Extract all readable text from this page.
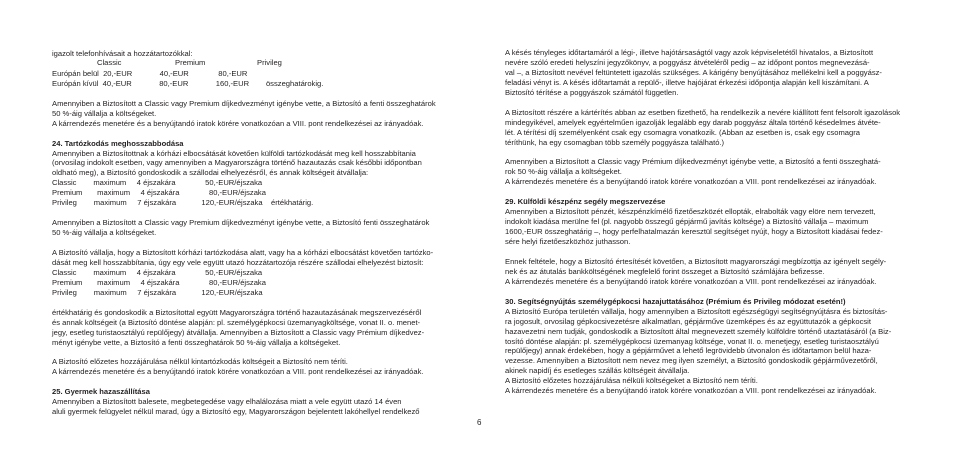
igazolt telefonhívásait a hozzátartozókkal:
Európán belül  20,-EUR             40,-EUR              80,-EUR
Európán kívül  40,-EUR             80,-EUR             160,-EUR        összeghatárokig.
Amennyiben a Biztosított a Classic vagy Premium díjkedvezményt igénybe vette, a Biztosító a fenti összeghatárok
50 %-áig vállalja a költségeket.
A kárrendezés menetére és a benyújtandó iratok körére vonatkozóan a VIII. pont rendelkezései az irányadóak.
24. Tartózkodás meghosszabbodása
Amennyiben a Biztosítottnak a kórházi elbocsátását követően külföldi tartózkodását meg kell hosszabbítania
(orvosilag indokolt esetben, vagy amennyiben a Magyarországra történő hazautazás csak későbbi időpontban
oldható meg), a Biztosító gondoskodik a szállodai elhelyezésről, és annak költségeit átvállalja:
Classic        maximum     4 éjszakára              50,-EUR/éjszaka
Premium       maximum     4 éjszakára              80,-EUR/éjszaka
Privileg        maximum     7 éjszakára            120,-EUR/éjszaka    értékhatárig.
Amennyiben a Biztosított a Classic vagy Premium díjkedvezményt igénybe vette, a Biztosító fenti összeghatárok
50 %-áig vállalja a költségeket.
A Biztosító vállalja, hogy a Biztosított kórházi tartózkodása alatt, vagy ha a kórházi elbocsátást követően tartózko-
dását meg kell hosszabbítania, úgy egy vele együtt utazó hozzátartozója részére szállodai elhelyezést biztosít:
Classic        maximum     4 éjszakára              50,-EUR/éjszaka
Premium       maximum     4 éjszakára              80,-EUR/éjszaka
Privileg        maximum     7 éjszakára            120,-EUR/éjszaka
értékhatárig és gondoskodik a Biztosítottal együtt Magyarországra történő hazautazásának megszervezéséről
és annak költségeit (a Biztosító döntése alapján: pl. személygépkocsi üzemanyagköltsége, vonat II. o. menet-
jegy, esetleg turistaosztályú repülőjegy) átvállalja. Amennyiben a Biztosított a Classic vagy Prémium díjkedvez-
ményt igénybe vette, a Biztosító a fenti összeghatárok 50 %-áig vállalja a költségeket.
A Biztosító előzetes hozzájárulása nélkül kintartózkodás költségeit a Biztosító nem téríti.
A kárrendezés menetére és a benyújtandó iratok körére vonatkozóan a VIII. pont rendelkezései az irányadóak.
25. Gyermek hazaszállítása
Amennyiben a Biztosított balesete, megbetegedése vagy elhalálozása miatt a vele együtt utazó 14 éven
aluli gyermek felügyelet nélkül marad, úgy a Biztosító egy, Magyarországon bejelentett lakóhellyel rendelkező
A késés tényleges időtartamáról a légi-, illetve hajótársaságtól vagy azok képviseletétől hivatalos, a Biztosított
nevére szóló eredeti helyszíni jegyzőkönyv, a poggyász átvételéről pedig – az időpont pontos megnevezásá-
val –, a Biztosított nevével feltüntetett igazolás szükséges. A kárigény benyújtásához mellékelni kell a poggyász-
feladási vényt is. A késés időtartamát a repülő-, illetve hajójárat érkezési időpontja alapján kell kiszámítani. A
Biztosító térítése a poggyászok számától független.
A Biztosított részére a kártérítés abban az esetben fizethető, ha rendelkezik a nevére kiállított fent felsorolt igazolások
mindegyikével, amelyek egyértelműen igazolják legalább egy darab poggyász általa történő késedelmes átvéte-
lét. A térítési díj személyenként csak egy csomagra vonatkozik. (Abban az esetben is, csak egy csomagra
téríthünk, ha egy csomagban több személy poggyásza található.)
Amennyiben a Biztosított a Classic vagy Prémium díjkedvezményt igénybe vette, a Biztosító a fenti összeghatá-
rok 50 %-áig vállalja a költségeket.
A kárrendezés menetére és a benyújtandó iratok körére vonatkozóan a VIII. pont rendelkezései az irányadóak.
29. Külföldi készpénz segély megszervezése
Amennyiben a Biztosított pénzét, készpénzkímélő fizetőeszközét ellopták, elrabolták vagy elöre nem tervezett,
indokolt kiadása merülne fel (pl. nagyobb összegű gépjármű javítás költsége) a Biztosító vállalja – maximum
1600,-EUR összeghatárig –, hogy perfelhatalmazán keresztül segítséget nyújt, hogy a Biztosított kiadásai fedez-
sére helyi fizetőeszközhöz juthasson.
Ennek feltétele, hogy a Biztosító értesítését követően, a Biztosított magyarországi megbízottja az igényelt segély-
nek és az átutalás bankköltségének megfelelő forint összeget a Biztosító számlájára befizesse.
A kárrendezés menetére és a benyújtandó iratok körére vonatkozóan a VIII. pont rendelkezései az irányadóak.
30. Segítségnyújtás személygépkocsi hazajuttatásához (Prémium és Privileg módozat esetén!)
A Biztosító Európa területén vállalja, hogy amennyiben a Biztosított egészségügyi segítségnyújtásra és biztosítás-
ra jogosult, orvosilag gépkocsivezetésre alkalmatlan, gépjárműve üzemképes és az együttutazók a gépkocsit
hazavezetni nem tudják, gondoskodik a Biztosított által megnevezett személy külföldre történő utaztatásáról (a Biz-
tosító döntése alapján: pl. személygépkocsi üzemanyag költsége, vonat II. o. menetjegy, esetleg turistaosztályú
repülőjegy) annak érdekében, hogy a gépjárművet a lehető legrövidebb útvonalon és időtartamon belül haza-
vezesse. Amennyiben a Biztosított nem nevez meg ilyen személyt, a Biztosító gondoskodik gépjárművezetőről,
akinek napidíj és esetleges szállás költségeit átvállalja.
A Biztosító előzetes hozzájárulása nélküli költségeket a Biztosító nem téríti.
A kárrendezés menetére és a benyújtandó iratok körére vonatkozóan a VIII. pont rendelkezései az irányadóak.
Classic	Premium	Privileg
6
